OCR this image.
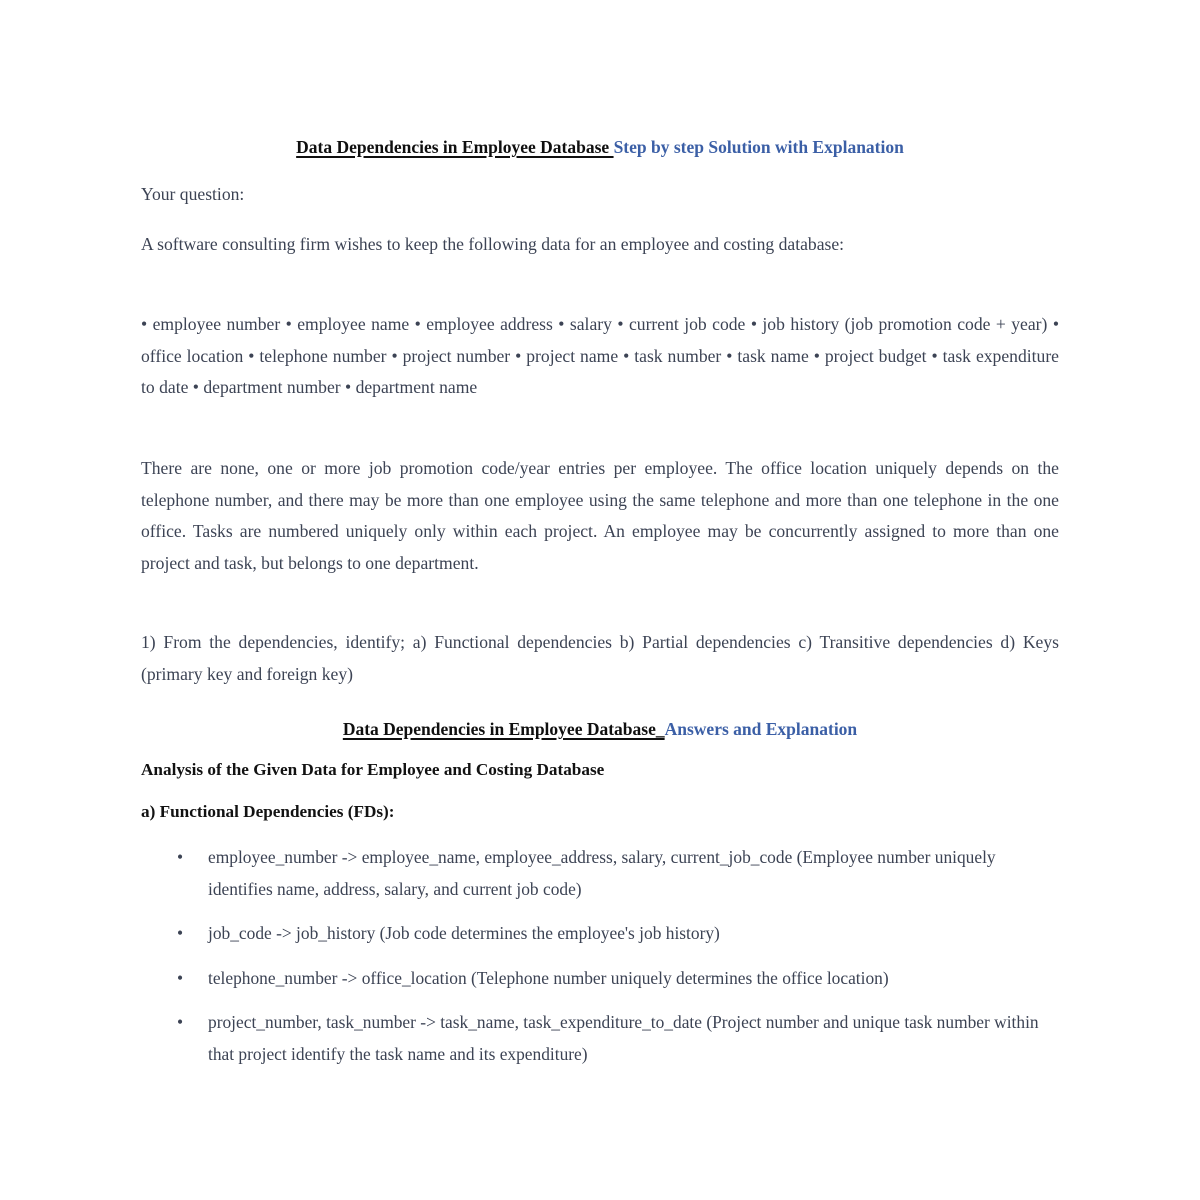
Data Dependencies in Employee Database Step by step Solution with Explanation

Your question:

A software consulting firm wishes to keep the following data for an employee and costing database:

• employee number • employee name • employee address • salary • current job code • job history (job promotion code + year) • office location • telephone number • project number • project name • task number • task name • project budget • task expenditure to date • department number • department name

There are none, one or more job promotion code/year entries per employee. The office location uniquely depends on the telephone number, and there may be more than one employee using the same telephone and more than one telephone in the one office. Tasks are numbered uniquely only within each project. An employee may be concurrently assigned to more than one project and task, but belongs to one department.

1) From the dependencies, identify; a) Functional dependencies b) Partial dependencies c) Transitive dependencies d) Keys (primary key and foreign key)

Data Dependencies in Employee Database_Answers and Explanation

Analysis of the Given Data for Employee and Costing Database

a) Functional Dependencies (FDs):

•	employee_number -> employee_name, employee_address, salary, current_job_code (Employee number uniquely identifies name, address, salary, and current job code)
•	job_code -> job_history (Job code determines the employee's job history)
•	telephone_number -> office_location (Telephone number uniquely determines the office location)
•	project_number, task_number -> task_name, task_expenditure_to_date (Project number and unique task number within that project identify the task name and its expenditure)
